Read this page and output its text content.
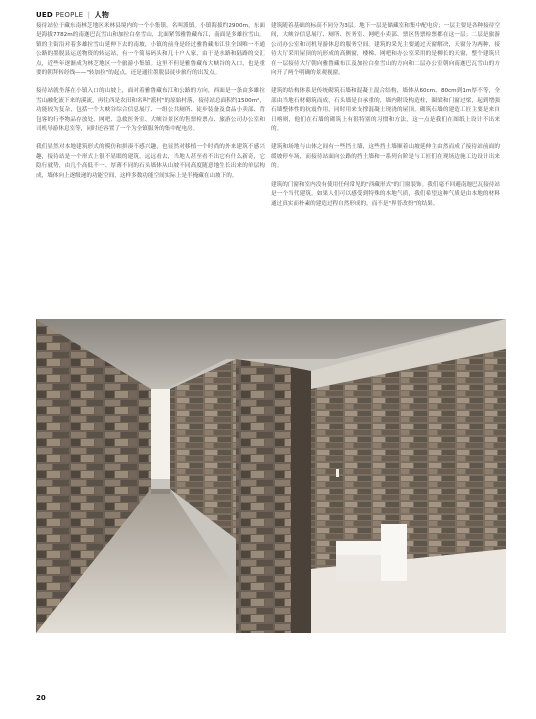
UED PEOPLE | 人物

接待站位于藏东南林芝地区米林县境内的一个小集镇，名叫派镇。小镇海拔约2900m，东面是海拔7782m的南迦巴瓦雪山和加拉白垒雪山，北面紧邻雅鲁藏布江，南面是多雄拉雪山。镇的主街沿对着多雄拉雪山延伸下去的南坡，小镇的前身是经过雅鲁藏布江往全国唯一不通公路的墨脱县运送物资的转运站，有一个简易码头和几十户人家，由于是水路和陆路的交汇点，近些年逐渐成为林芝地区一个旅游小集镇。这里不但是雅鲁藏布大峡谷的入口，也是重要的朝拜转经线——"转加拉"的起点，还是通往墨脱县徒步旅行的出发点。

接待站就坐落在小镇入口的山坡上，面对着雅鲁藏布江和公路的方向，西面是一条由多雄拉雪山融化流下来的溪流，再往西是农田和名叫"派村"的原始村落，接待站总面积约1500m²，功能较为复杂，包括一个大峡谷综合信息展厅、一组公共厕所、徒步装备及食品小卖部、背包客的行李物品存放处、网吧、急救医务室、大峡谷景区的售票检票点、旅游公司办公室和司机导游休息室等，同时还容置了一个为全镇服务的集中配电房。

我们显然对本地建筑形式的模仿和拼凑不感兴趣，也显然对移植一个时尚的外来建筑不感兴趣，接待站是一个形式上很不显眼的建筑，远远看去，当地人甚至看不出它有什么新奇，它隐行就势，由几个高低不一、厚薄不同的石头墙体从山坡不同高度随意地生长出来的单层构成，墙体向上逐级递的功能空间，这样多数功能空间实际上是半掩藏在山坡下的。

建筑随着基础的标高不同分为3层。地下一层是储藏室和集中配电房；一层主要是各种接待空间，大峡谷信息展厅、厕所、医务室、网吧小卖部、票区售票检票都在这一层；二层是旅游公司办公室和司机导游休息的服务空间。建筑的采光主要通过天窗解决，天窗分为两种，接待大厅采用屋顶的坑形成的高侧窗，楼梯、网吧和办公室采用的是柳长的天窗，整个建筑只在一层接待大厅朝向雅鲁藏布江及加拉白垒雪山的方向和二层办公室朝向南迦巴瓦雪山的方向开了两个明确的景观视窗。

建筑的结构体系是传统砌筑石墙和混凝土混合结构，墙体从60cm、80cm到1m厚不等，全部由当地石材砌筑而成，石头墙是自承重的，墙内附设构造柱，圈梁和门窗过梁，起到增强石墙整体性的抗震作用，同时用来支撑混凝土现浇的屋顶。砌筑石墙的建造工匠主要是来自日喀则，他们在石墙的砌筑上有很特别的习惯和方法，这一点是我们在图纸上设计不出来的。

建筑和场地与山体之间有一些挡土墙，这些挡土墙顺着山坡延伸主由然而成了接待站前面的缓坡停车场，而接待站面向公路的挡土墙和一系列台阶是与工匠们在现场边施工边设计出来的。

建筑的门窗和室内没有使用任何常见的"西藏形式"的门窗装饰。我们毫不回避南迦巴瓦接待站是一个当代建筑。如果人们可以感受到特殊的本地气质，我们希望这种气质是由本地的材料通过真实而朴素的建造过程自然形成的，而不是"界普改扮"的结果。

20
